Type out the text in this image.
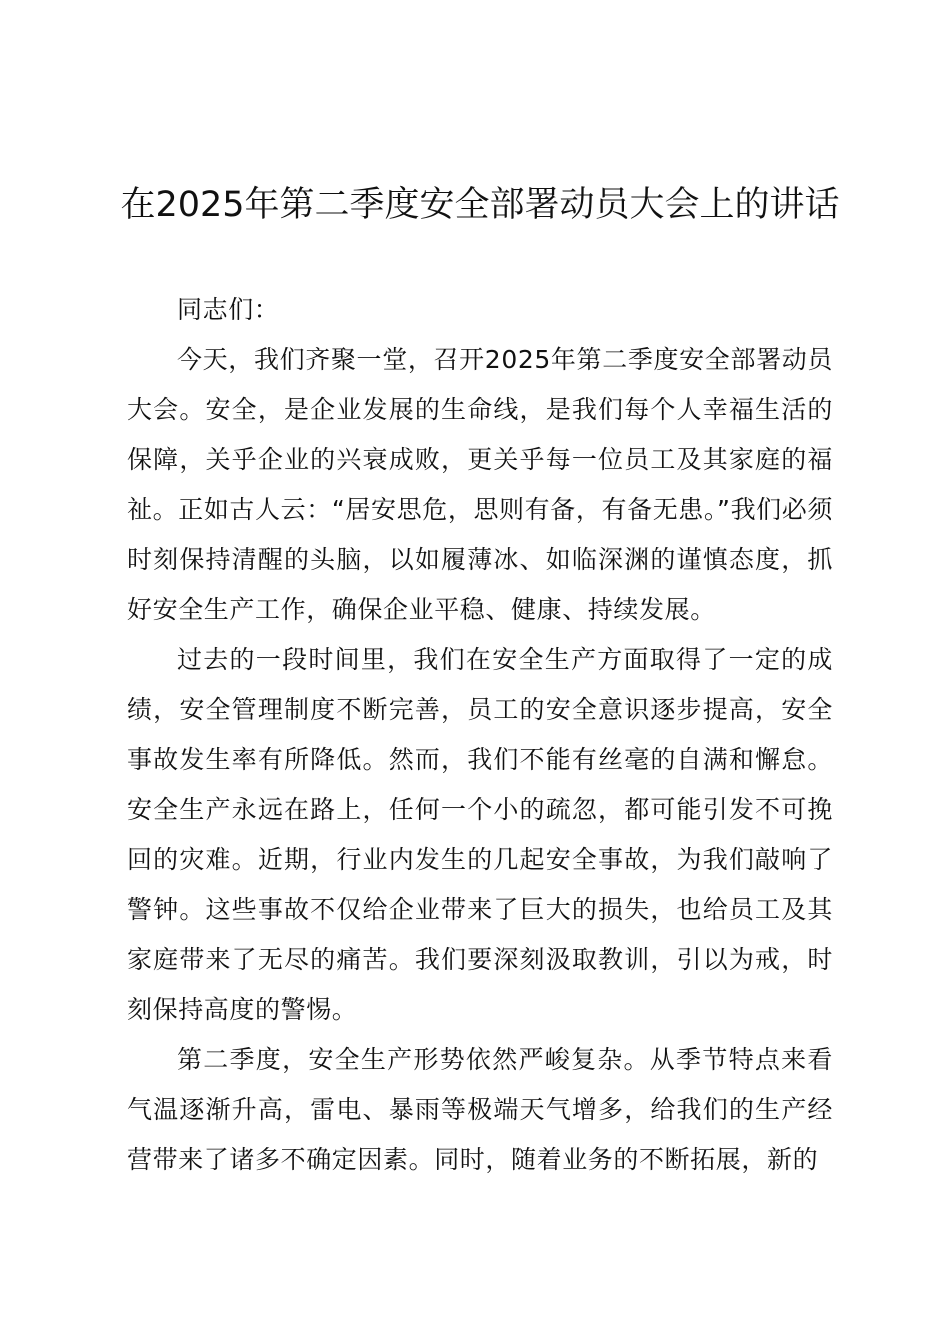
在2025年第二季度安全部署动员大会上的讲话

同志们：

今天，我们齐聚一堂，召开2025年第二季度安全部署动员大会。安全，是企业发展的生命线，是我们每个人幸福生活的保障，关乎企业的兴衰成败，更关乎每一位员工及其家庭的福祉。正如古人云：“居安思危，思则有备，有备无患。”我们必须时刻保持清醒的头脑，以如履薄冰、如临深渊的谨慎态度，抓好安全生产工作，确保企业平稳、健康、持续发展。

过去的一段时间里，我们在安全生产方面取得了一定的成绩，安全管理制度不断完善，员工的安全意识逐步提高，安全事故发生率有所降低。然而，我们不能有丝毫的自满和懈怠。安全生产永远在路上，任何一个小的疏忽，都可能引发不可挽回的灾难。近期，行业内发生的几起安全事故，为我们敲响了警钟。这些事故不仅给企业带来了巨大的损失，也给员工及其家庭带来了无尽的痛苦。我们要深刻汲取教训，引以为戒，时刻保持高度的警惕。

第二季度，安全生产形势依然严峻复杂。从季节特点来看气温逐渐升高，雷电、暴雨等极端天气增多，给我们的生产经营带来了诸多不确定因素。同时，随着业务的不断拓展，新的
